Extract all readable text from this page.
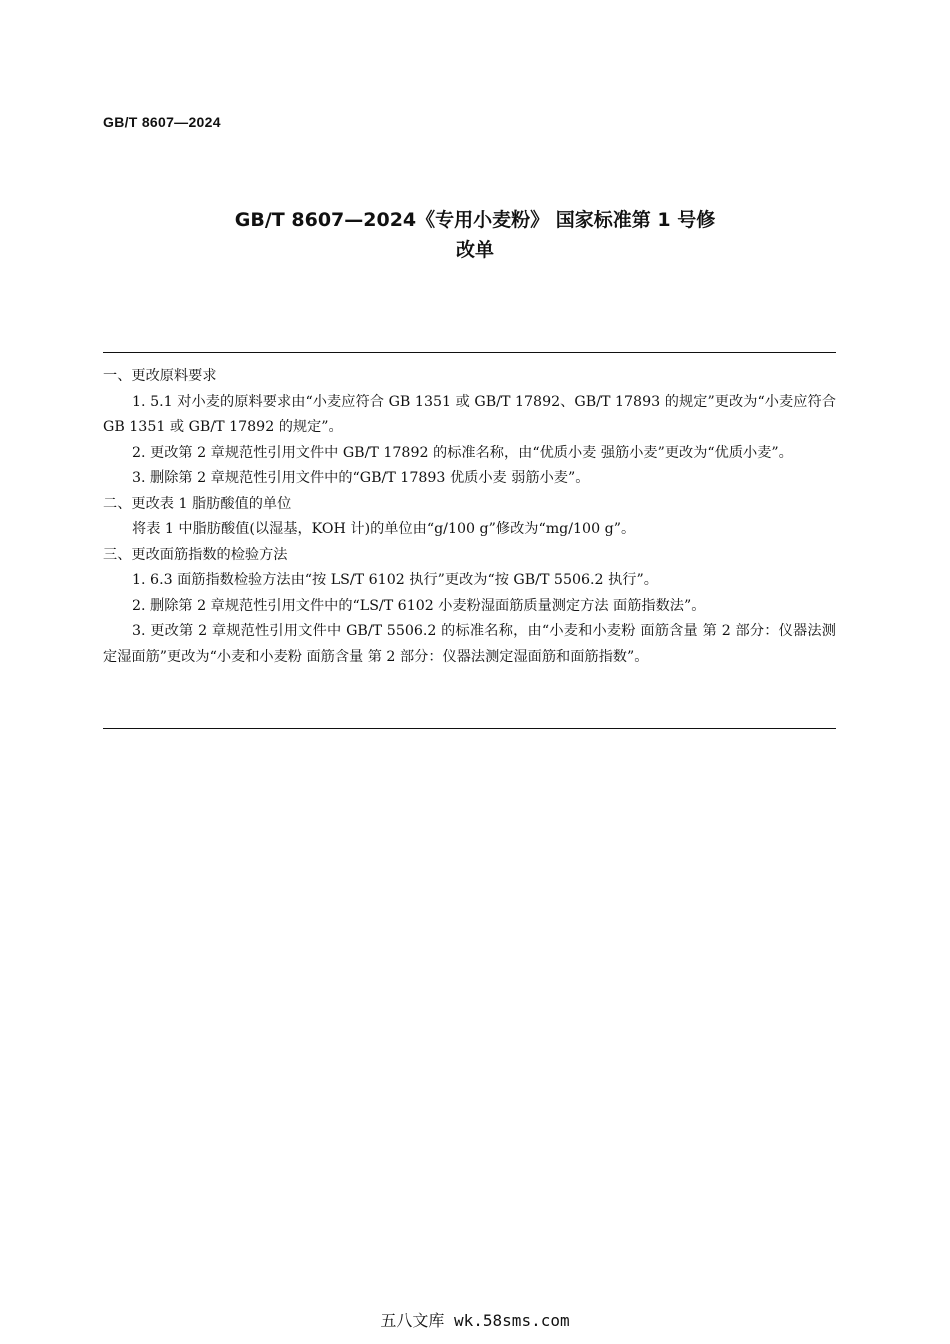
GB/T 8607—2024
GB/T 8607—2024《专用小麦粉》 国家标准第 1 号修
改单

一、更改原料要求

1. 5.1 对小麦的原料要求由“小麦应符合 GB 1351 或 GB/T 17892、GB/T 17893 的规定”更改为“小麦应符合 GB 1351 或 GB/T 17892 的规定”。

2. 更改第 2 章规范性引用文件中 GB/T 17892 的标准名称，由“优质小麦 强筋小麦”更改为“优质小麦”。

3. 删除第 2 章规范性引用文件中的“GB/T 17893 优质小麦 弱筋小麦”。

二、更改表 1 脂肪酸值的单位

将表 1 中脂肪酸值(以湿基，KOH 计)的单位由“g/100 g”修改为“mg/100 g”。

三、更改面筋指数的检验方法

1. 6.3 面筋指数检验方法由“按 LS/T 6102 执行”更改为“按 GB/T 5506.2 执行”。

2. 删除第 2 章规范性引用文件中的“LS/T 6102 小麦粉湿面筋质量测定方法 面筋指数法”。

3. 更改第 2 章规范性引用文件中 GB/T 5506.2 的标准名称，由“小麦和小麦粉 面筋含量 第 2 部分：仪器法测定湿面筋”更改为“小麦和小麦粉 面筋含量 第 2 部分：仪器法测定湿面筋和面筋指数”。

五八文库 wk.58sms.com
